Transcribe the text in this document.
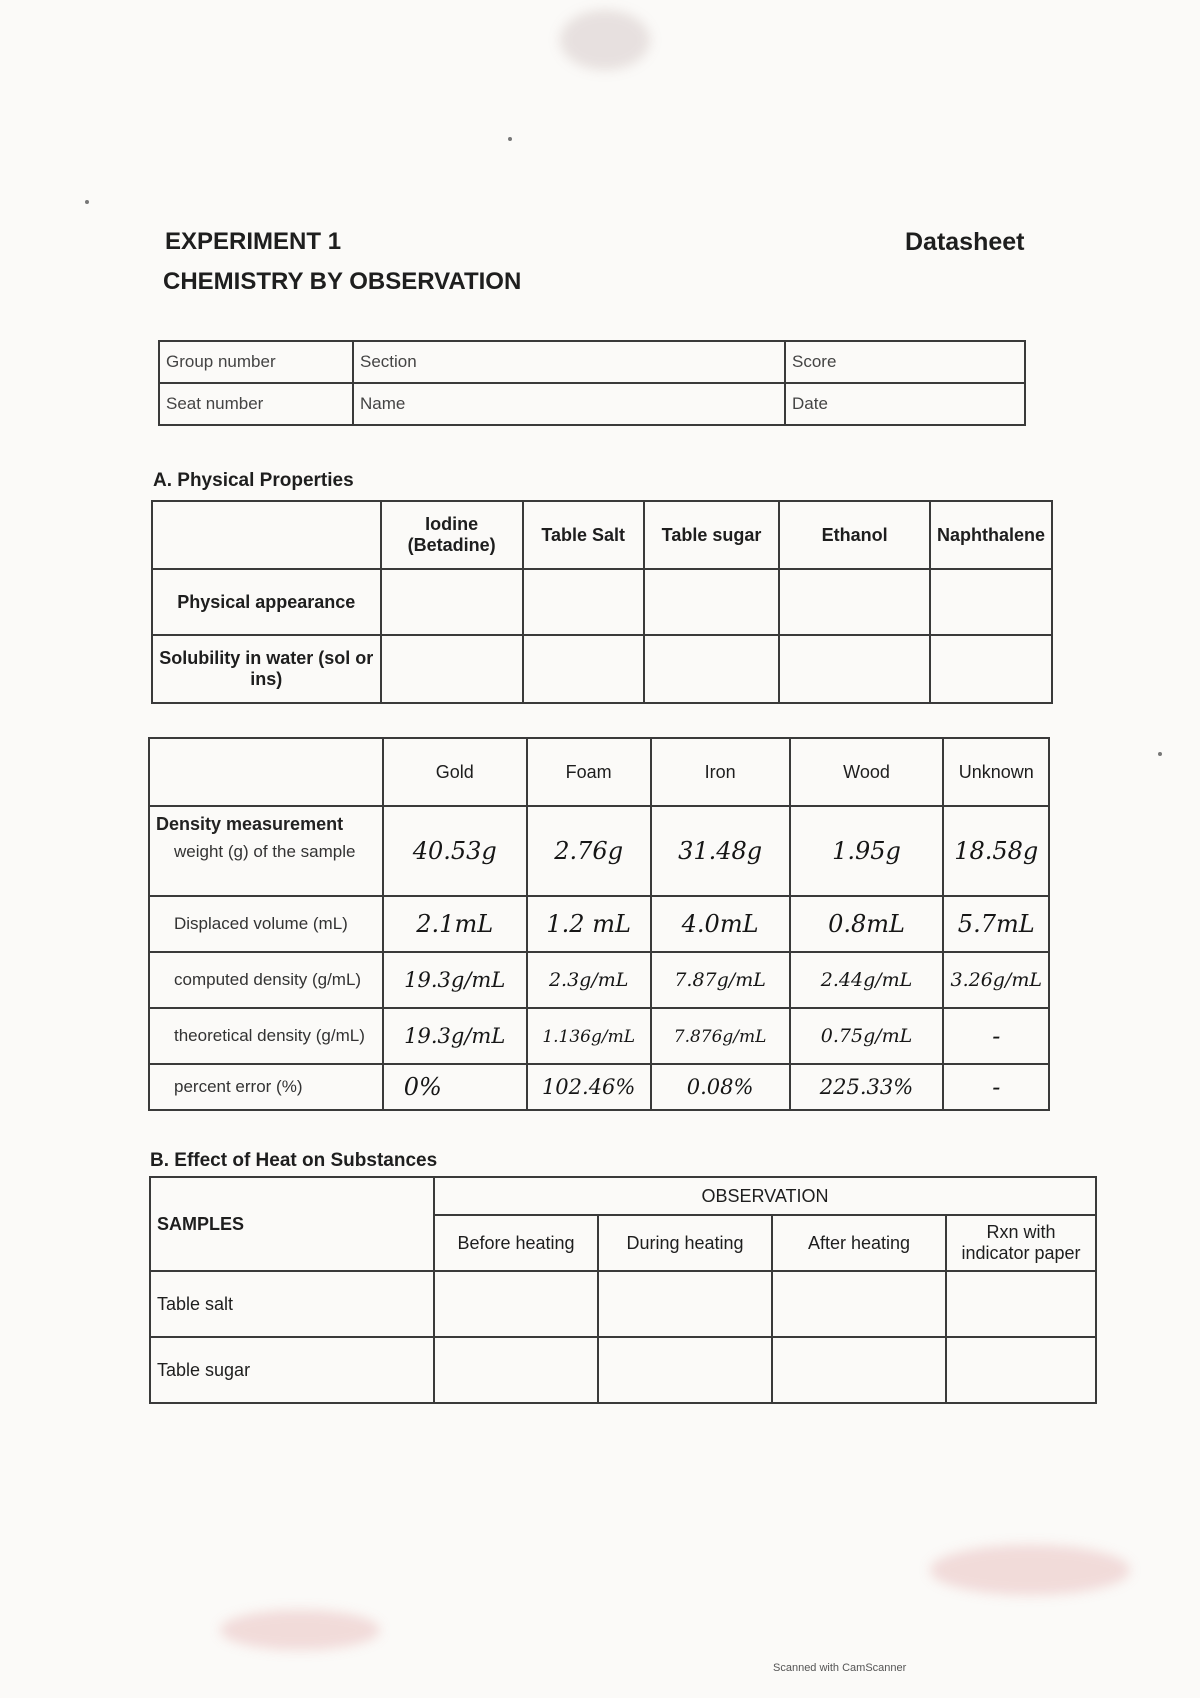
EXPERIMENT 1
CHEMISTRY BY OBSERVATION
Datasheet
Group number	Section	Score
Seat number	Name	Date
A. Physical Properties
	Iodine (Betadine)	Table Salt	Table sugar	Ethanol	Naphthalene
Physical appearance					
Solubility in water (sol or ins)					
	Gold	Foam	Iron	Wood	Unknown

Density measurement
weight (g) of the sample	40.53g	2.76g	31.48g	1.95g	18.58g
Displaced volume (mL)	2.1mL	1.2 mL	4.0mL	0.8mL	5.7mL
computed density (g/mL)	19.3g/mL	2.3g/mL	7.87g/mL	2.44g/mL	3.26g/mL
theoretical density (g/mL)	19.3g/mL	1.136g/mL	7.876g/mL	0.75g/mL	-
percent error (%)	0%	102.46%	0.08%	225.33%	-
B. Effect of Heat on Substances
SAMPLES	OBSERVATION			
	Before heating	During heating	After heating	Rxn with indicator paper
Table salt				
Table sugar				
Scanned with CamScanner
